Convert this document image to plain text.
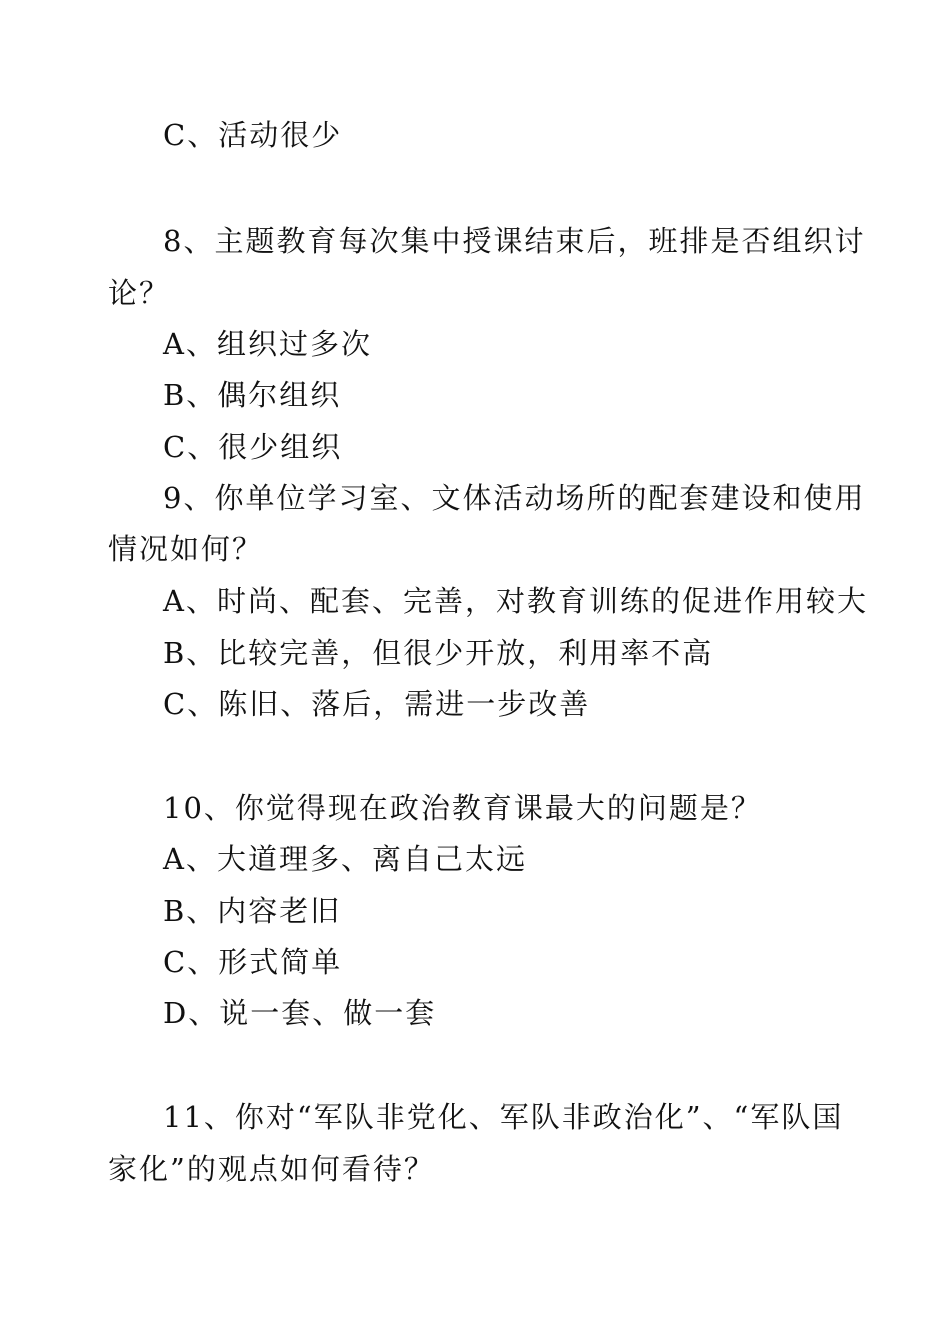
C、活动很少
8、主题教育每次集中授课结束后，班排是否组织讨
论？
A、组织过多次
B、偶尔组织
C、很少组织
9、你单位学习室、文体活动场所的配套建设和使用
情况如何？
A、时尚、配套、完善，对教育训练的促进作用较大
B、比较完善，但很少开放，利用率不高
C、陈旧、落后，需进一步改善
10、你觉得现在政治教育课最大的问题是？
A、大道理多、离自己太远
B、内容老旧
C、形式简单
D、说一套、做一套
11、你对“军队非党化、军队非政治化”、“军队国
家化”的观点如何看待？
